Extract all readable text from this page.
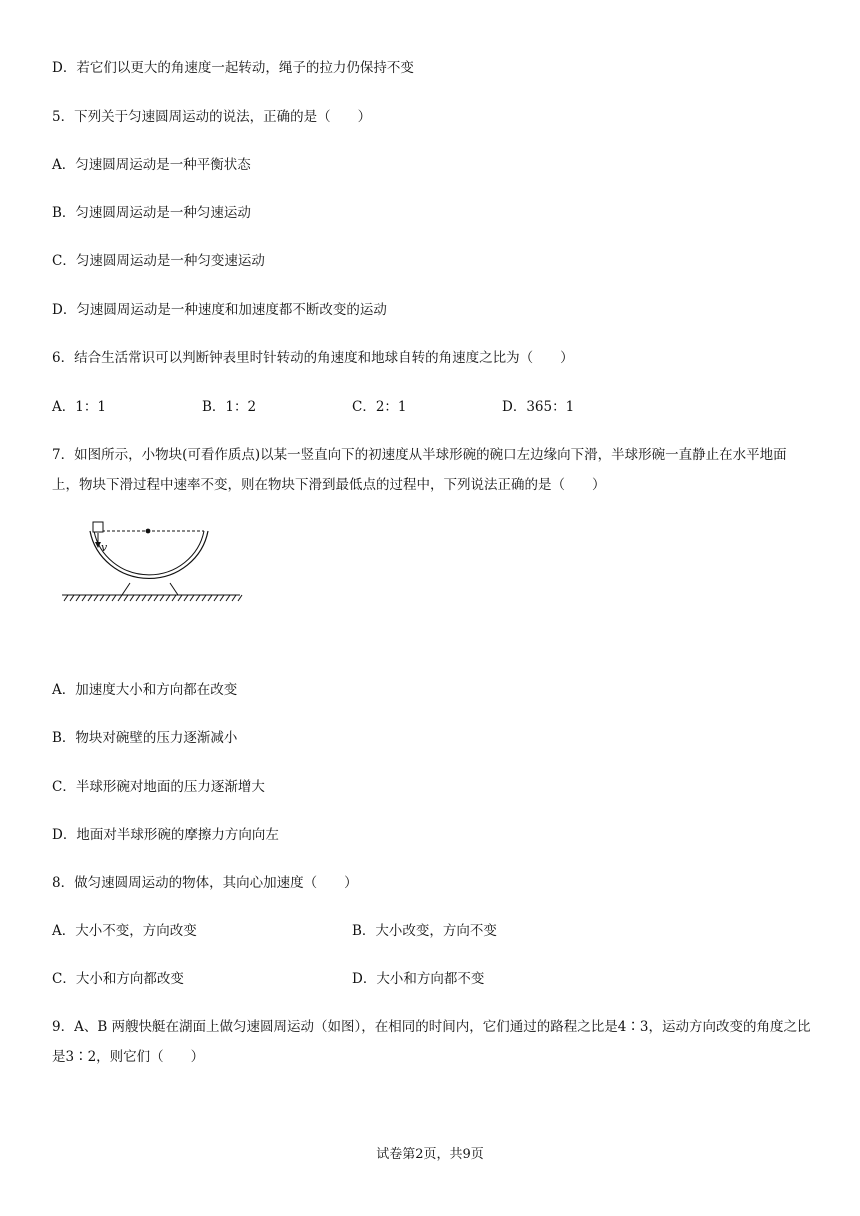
D．若它们以更大的角速度一起转动，绳子的拉力仍保持不变
5．下列关于匀速圆周运动的说法，正确的是（　　）
A．匀速圆周运动是一种平衡状态
B．匀速圆周运动是一种匀速运动
C．匀速圆周运动是一种匀变速运动
D．匀速圆周运动是一种速度和加速度都不断改变的运动
6．结合生活常识可以判断钟表里时针转动的角速度和地球自转的角速度之比为（　　）
A．1：1	B．1：2	C．2：1	D．365：1
7．如图所示，小物块(可看作质点)以某一竖直向下的初速度从半球形碗的碗口左边缘向下滑，半球形碗一直静止在水平地面上，物块下滑过程中速率不变，则在物块下滑到最低点的过程中，下列说法正确的是（　　）
v
A．加速度大小和方向都在改变
B．物块对碗壁的压力逐渐减小
C．半球形碗对地面的压力逐渐增大
D．地面对半球形碗的摩擦力方向向左
8．做匀速圆周运动的物体，其向心加速度（　　）
A．大小不变，方向改变	B．大小改变，方向不变
C．大小和方向都改变	D．大小和方向都不变
9．A、B 两艘快艇在湖面上做匀速圆周运动（如图），在相同的时间内，它们通过的路程之比是4∶3，运动方向改变的角度之比是3∶2，则它们（　　）
试卷第2页，共9页
